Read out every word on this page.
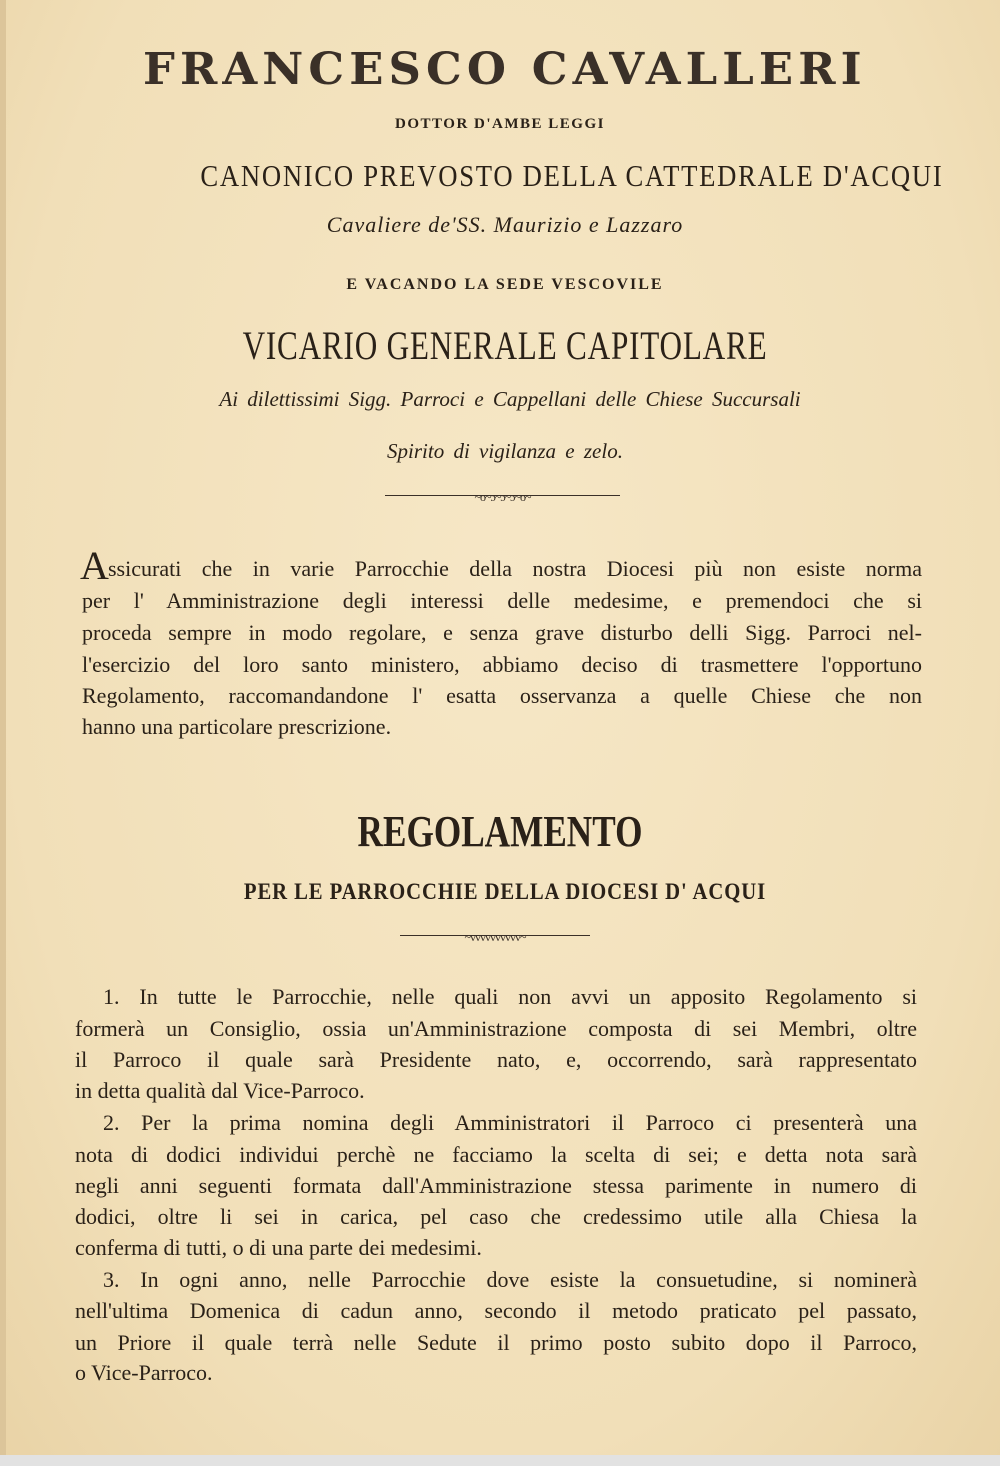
FRANCESCO CAVALLERI
DOTTOR D'AMBE LEGGI
CANONICO PREVOSTO DELLA CATTEDRALE D'ACQUI
Cavaliere de'SS. Maurizio e Lazzaro
E VACANDO LA SEDE VESCOVILE
VICARIO GENERALE CAPITOLARE
Ai dilettissimi Sigg. Parroci e Cappellani delle Chiese Succursali
Spirito di vigilanza e zelo.
~o~ɔ~ɔ~ɔ~o~
ssicurati che in varie Parrocchie della nostra Diocesi più non esiste norma
per l' Amministrazione degli interessi delle medesime, e premendoci che si
proceda sempre in modo regolare, e senza grave disturbo delli Sigg. Parroci nel-
l'esercizio del loro santo ministero, abbiamo deciso di trasmettere l'opportuno
Regolamento, raccomandandone l' esatta osservanza a quelle Chiese che non
hanno una particolare prescrizione.
A
REGOLAMENTO
PER LE PARROCCHIE DELLA DIOCESI D' ACQUI
~vvvvvvvvvv~
1. In tutte le Parrocchie, nelle quali non avvi un apposito Regolamento si
formerà un Consiglio, ossia un'Amministrazione composta di sei Membri, oltre
il Parroco il quale sarà Presidente nato, e, occorrendo, sarà rappresentato
in detta qualità dal Vice-Parroco.
2. Per la prima nomina degli Amministratori il Parroco ci presenterà una
nota di dodici individui perchè ne facciamo la scelta di sei; e detta nota sarà
negli anni seguenti formata dall'Amministrazione stessa parimente in numero di
dodici, oltre li sei in carica, pel caso che credessimo utile alla Chiesa la
conferma di tutti, o di una parte dei medesimi.
3. In ogni anno, nelle Parrocchie dove esiste la consuetudine, si nominerà
nell'ultima Domenica di cadun anno, secondo il metodo praticato pel passato,
un Priore il quale terrà nelle Sedute il primo posto subito dopo il Parroco,
o Vice-Parroco.
